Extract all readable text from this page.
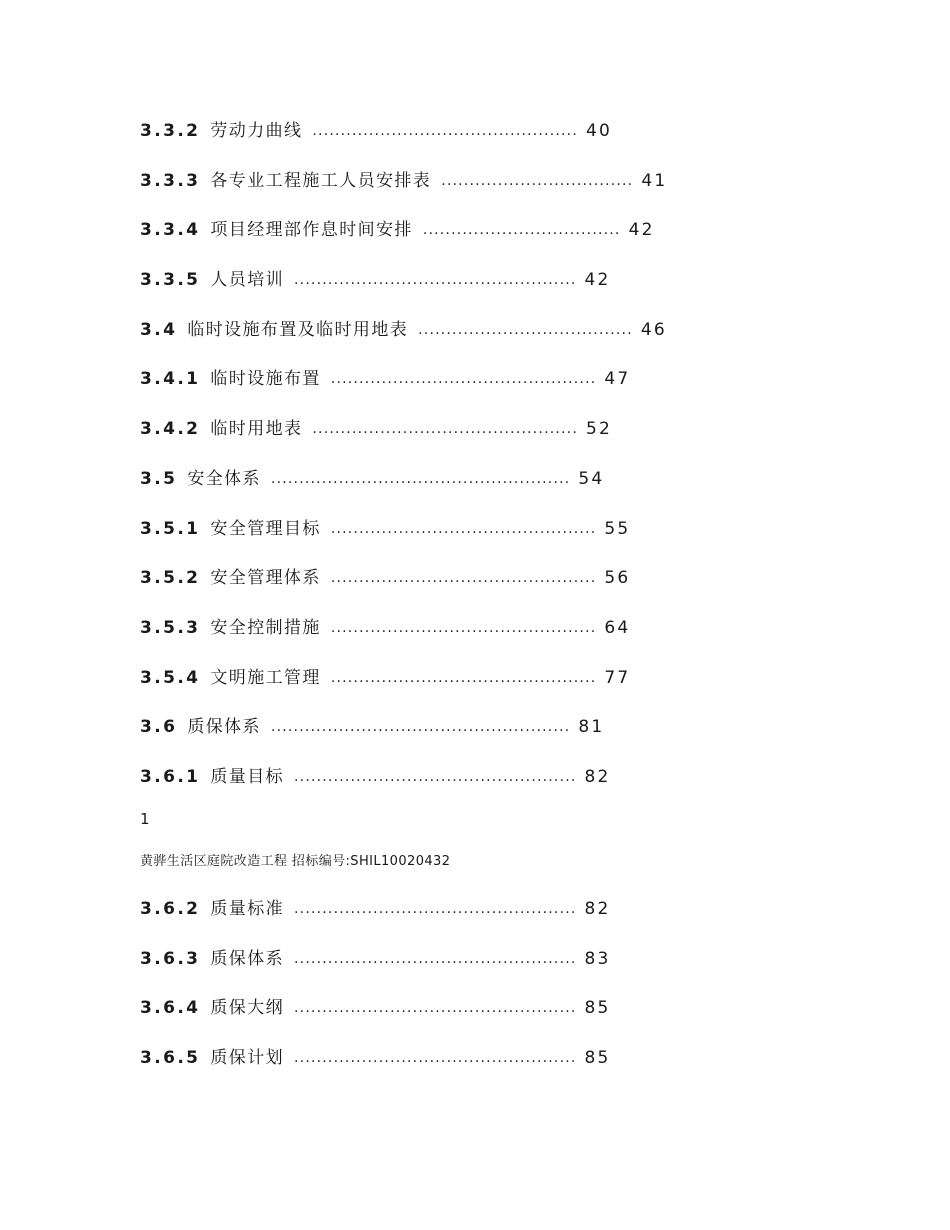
3.3.2 劳动力曲线 ............................................... 40
3.3.3 各专业工程施工人员安排表 .................................. 41
3.3.4 项目经理部作息时间安排 ................................... 42
3.3.5 人员培训 .................................................. 42
3.4 临时设施布置及临时用地表 ...................................... 46
3.4.1 临时设施布置 ............................................... 47
3.4.2 临时用地表 ............................................... 52
3.5 安全体系 ..................................................... 54
3.5.1 安全管理目标 ............................................... 55
3.5.2 安全管理体系 ............................................... 56
3.5.3 安全控制措施 ............................................... 64
3.5.4 文明施工管理 ............................................... 77
3.6 质保体系 ..................................................... 81
3.6.1 质量目标 .................................................. 82
1
黄骅生活区庭院改造工程 招标编号:SHIL10020432
3.6.2 质量标准 .................................................. 82
3.6.3 质保体系 .................................................. 83
3.6.4 质保大纲 .................................................. 85
3.6.5 质保计划 .................................................. 85
